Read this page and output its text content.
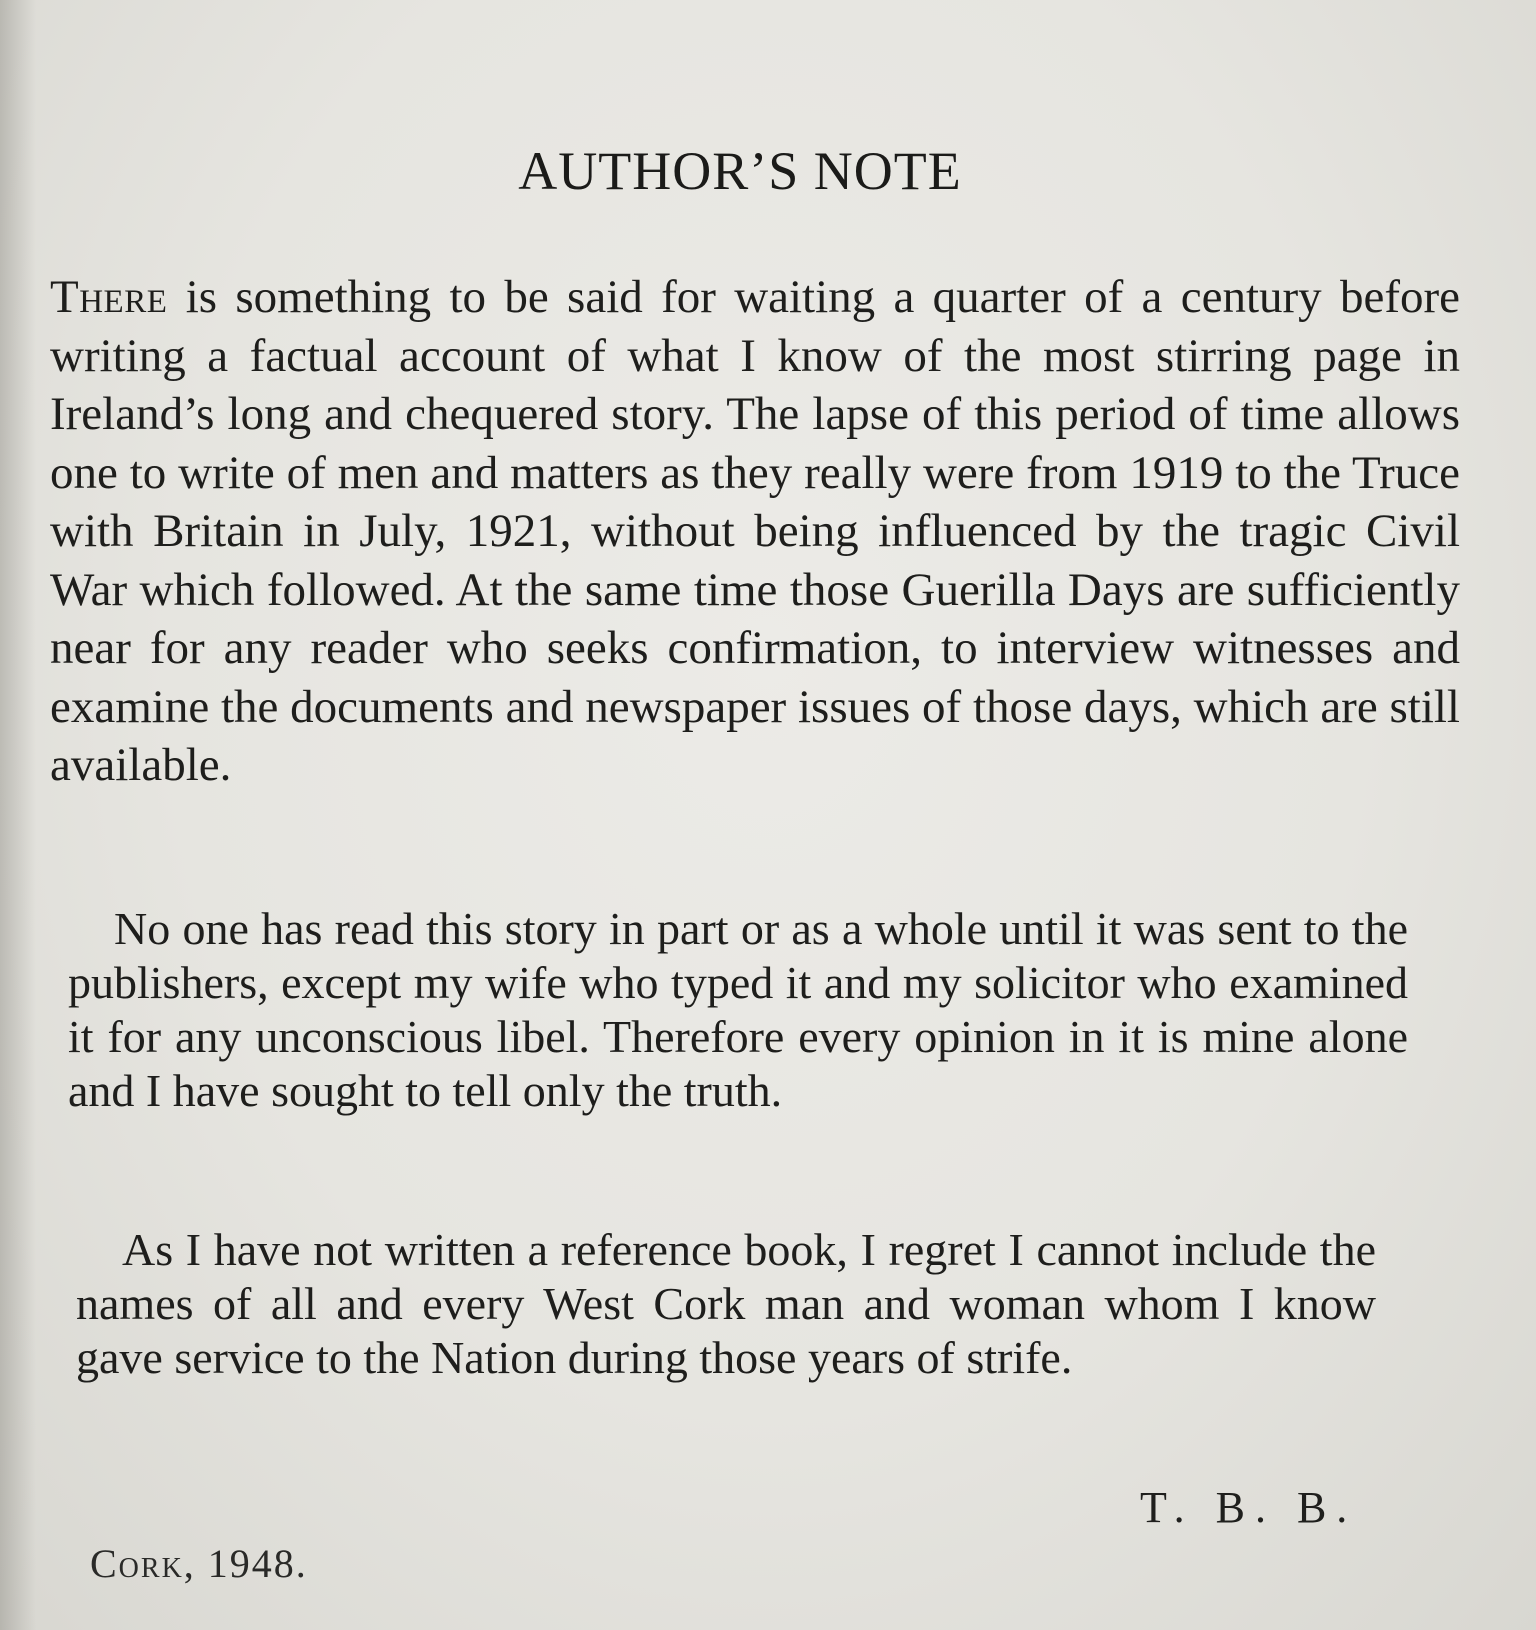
AUTHOR’S NOTE

There is something to be said for waiting a quarter of a century before writing a factual account of what I know of the most stirring page in Ireland’s long and chequered story. The lapse of this period of time allows one to write of men and matters as they really were from 1919 to the Truce with Britain in July, 1921, without being influenced by the tragic Civil War which followed. At the same time those Guerilla Days are sufficiently near for any reader who seeks confirmation, to interview witnesses and examine the documents and newspaper issues of those days, which are still available.

No one has read this story in part or as a whole until it was sent to the publishers, except my wife who typed it and my solicitor who examined it for any unconscious libel. Therefore every opinion in it is mine alone and I have sought to tell only the truth.

As I have not written a reference book, I regret I cannot include the names of all and every West Cork man and woman whom I know gave service to the Nation during those years of strife.

T. B. B.

Cork, 1948.
